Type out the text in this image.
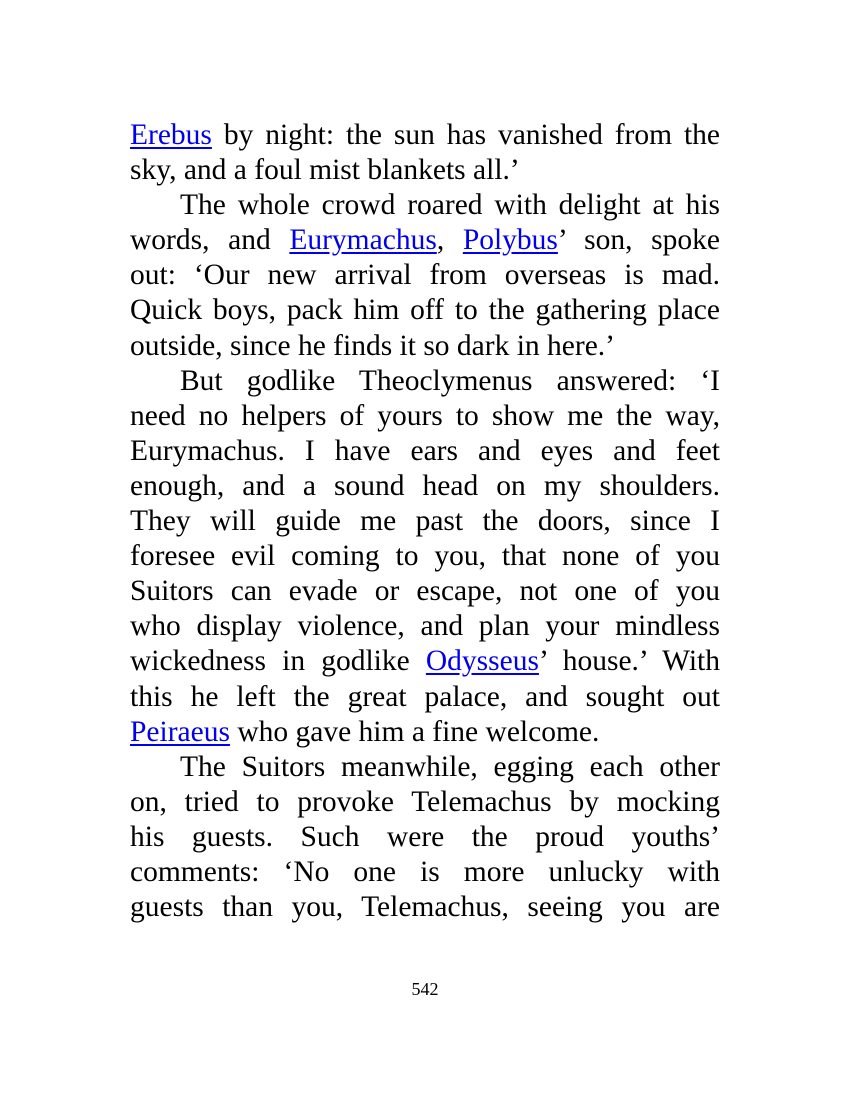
Erebus by night: the sun has vanished from the
sky, and a foul mist blankets all.’
The whole crowd roared with delight at his
words, and Eurymachus, Polybus’ son, spoke
out: ‘Our new arrival from overseas is mad.
Quick boys, pack him off to the gathering place
outside, since he finds it so dark in here.’
But godlike Theoclymenus answered: ‘I
need no helpers of yours to show me the way,
Eurymachus. I have ears and eyes and feet
enough, and a sound head on my shoulders.
They will guide me past the doors, since I
foresee evil coming to you, that none of you
Suitors can evade or escape, not one of you
who display violence, and plan your mindless
wickedness in godlike Odysseus’ house.’ With
this he left the great palace, and sought out
Peiraeus who gave him a fine welcome.
The Suitors meanwhile, egging each other
on, tried to provoke Telemachus by mocking
his guests. Such were the proud youths’
comments: ‘No one is more unlucky with
guests than you, Telemachus, seeing you are
542
